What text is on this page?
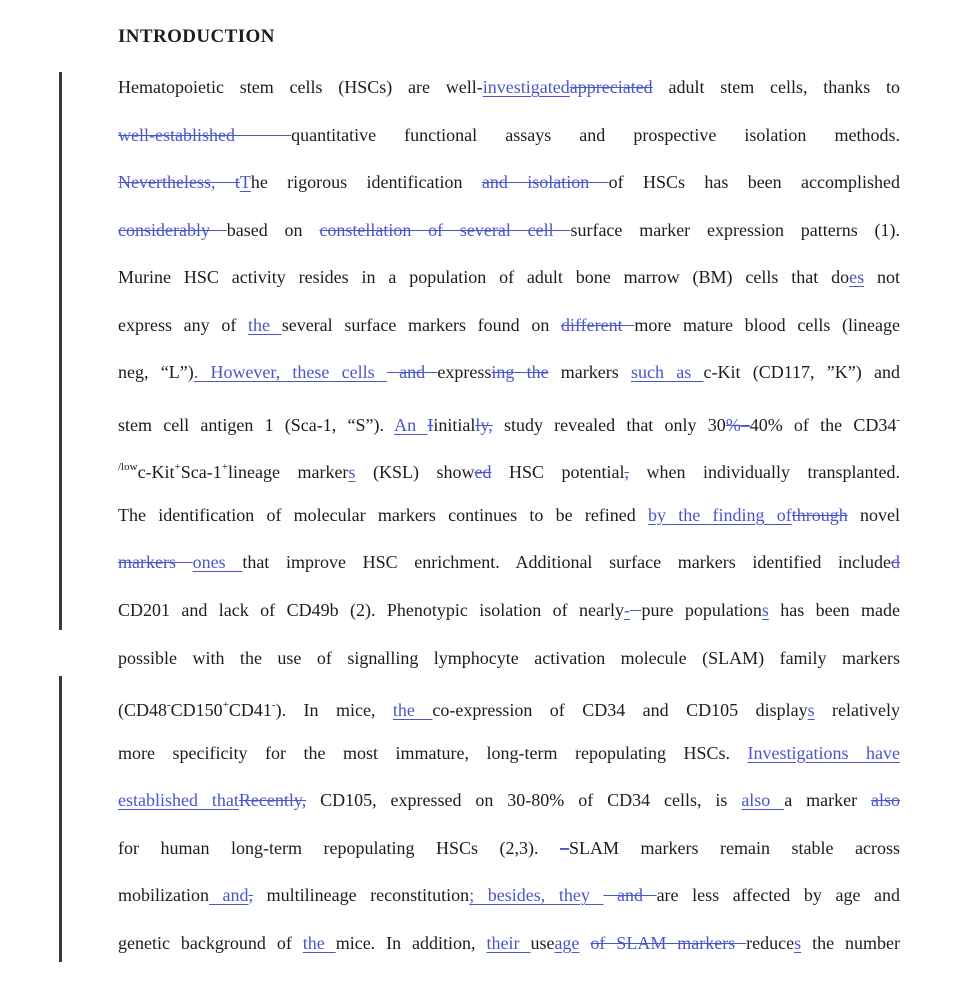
INTRODUCTION
Hematopoietic stem cells (HSCs) are well-investigatedappreciated adult stem cells, thanks to
well-established  quantitative functional assays and prospective isolation methods.
Nevertheless, tThe rigorous identification and isolation of HSCs has been accomplished
considerably based on constellation of several cell surface marker expression patterns (1).
Murine HSC activity resides in a population of adult bone marrow (BM) cells that does not
express any of the several surface markers found on different more mature blood cells (lineage
neg, “L”). However, these cells  and expressing the markers such as c-Kit (CD117, ”K”) and
stem cell antigen 1 (Sca-1, “S”). An Iinitially, study revealed that only 30%–40% of the CD34-
$^{/low}$c-Kit+Sca-1+lineage markers (KSL) showed HSC potential, when individually transplanted.
The identification of molecular markers continues to be refined by the finding ofthrough novel
markers ones that improve HSC enrichment. Additional surface markers identified included
CD201 and lack of CD49b (2). Phenotypic isolation of nearly- pure populations has been made
possible with the use of signalling lymphocyte activation molecule (SLAM) family markers
(CD48-CD150+CD41-). In mice, the co-expression of CD34 and CD105 displays relatively
more specificity for the most immature, long-term repopulating HSCs. Investigations have
established thatRecently, CD105, expressed on 30-80% of CD34 cells, is also a marker also
for human long-term repopulating HSCs (2,3). –SLAM markers remain stable across
mobilization and, multilineage reconstitution; besides, they  and are less affected by age and
genetic background of the mice. In addition, their useage of SLAM markers reduces the number
